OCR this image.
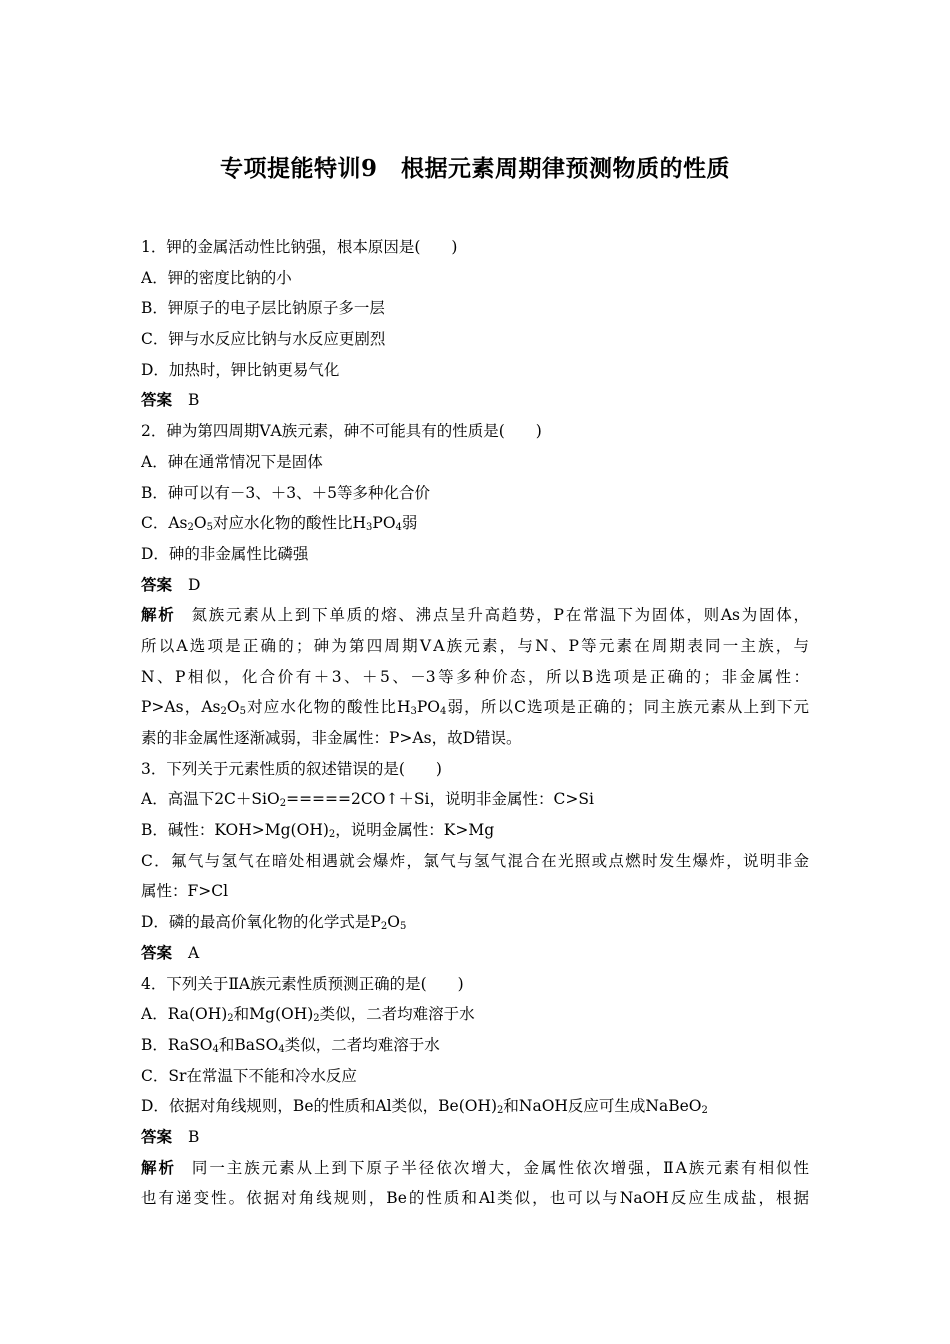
专项提能特训9　根据元素周期律预测物质的性质
1．钾的金属活动性比钠强，根本原因是(　　)
A．钾的密度比钠的小
B．钾原子的电子层比钠原子多一层
C．钾与水反应比钠与水反应更剧烈
D．加热时，钾比钠更易气化
答案 B
2．砷为第四周期ⅤA族元素，砷不可能具有的性质是(　　)
A．砷在通常情况下是固体
B．砷可以有－3、＋3、＋5等多种化合价
C．$As_2O_5$对应水化物的酸性比$H_3PO_4$弱
D．砷的非金属性比磷强
答案 D
解析 氮族元素从上到下单质的熔、沸点呈升高趋势，P在常温下为固体，则As为固体，
所以A选项是正确的；砷为第四周期ⅤA族元素，与N、P等元素在周期表同一主族，与
N、P相似，化合价有＋3、＋5、－3等多种价态，所以B选项是正确的；非金属性：
P>As，$As_2O_5$对应水化物的酸性比$H_3PO_4$弱，所以C选项是正确的；同主族元素从上到下元
素的非金属性逐渐减弱，非金属性：P>As，故D错误。
3．下列关于元素性质的叙述错误的是(　　)
A．高温下2C＋SiO$_2$=====2CO↑＋Si，说明非金属性：C>Si
B．碱性：$KOH>Mg(OH)_2$，说明金属性：K>Mg
C．氟气与氢气在暗处相遇就会爆炸，氯气与氢气混合在光照或点燃时发生爆炸，说明非金
属性：F>Cl
D．磷的最高价氧化物的化学式是$P_2O_5$
答案 A
4．下列关于ⅡA族元素性质预测正确的是(　　)
A．$Ra(OH)_2$和$Mg(OH)_2$类似，二者均难溶于水
B．RaSO$_4$和BaSO$_4$类似，二者均难溶于水
C．Sr在常温下不能和冷水反应
D．依据对角线规则，Be的性质和Al类似，$Be(OH)_2$和NaOH反应可生成NaBeO$_2$
答案 B
解析 同一主族元素从上到下原子半径依次增大，金属性依次增强，ⅡA族元素有相似性
也有递变性。依据对角线规则，Be的性质和Al类似，也可以与NaOH反应生成盐，根据
